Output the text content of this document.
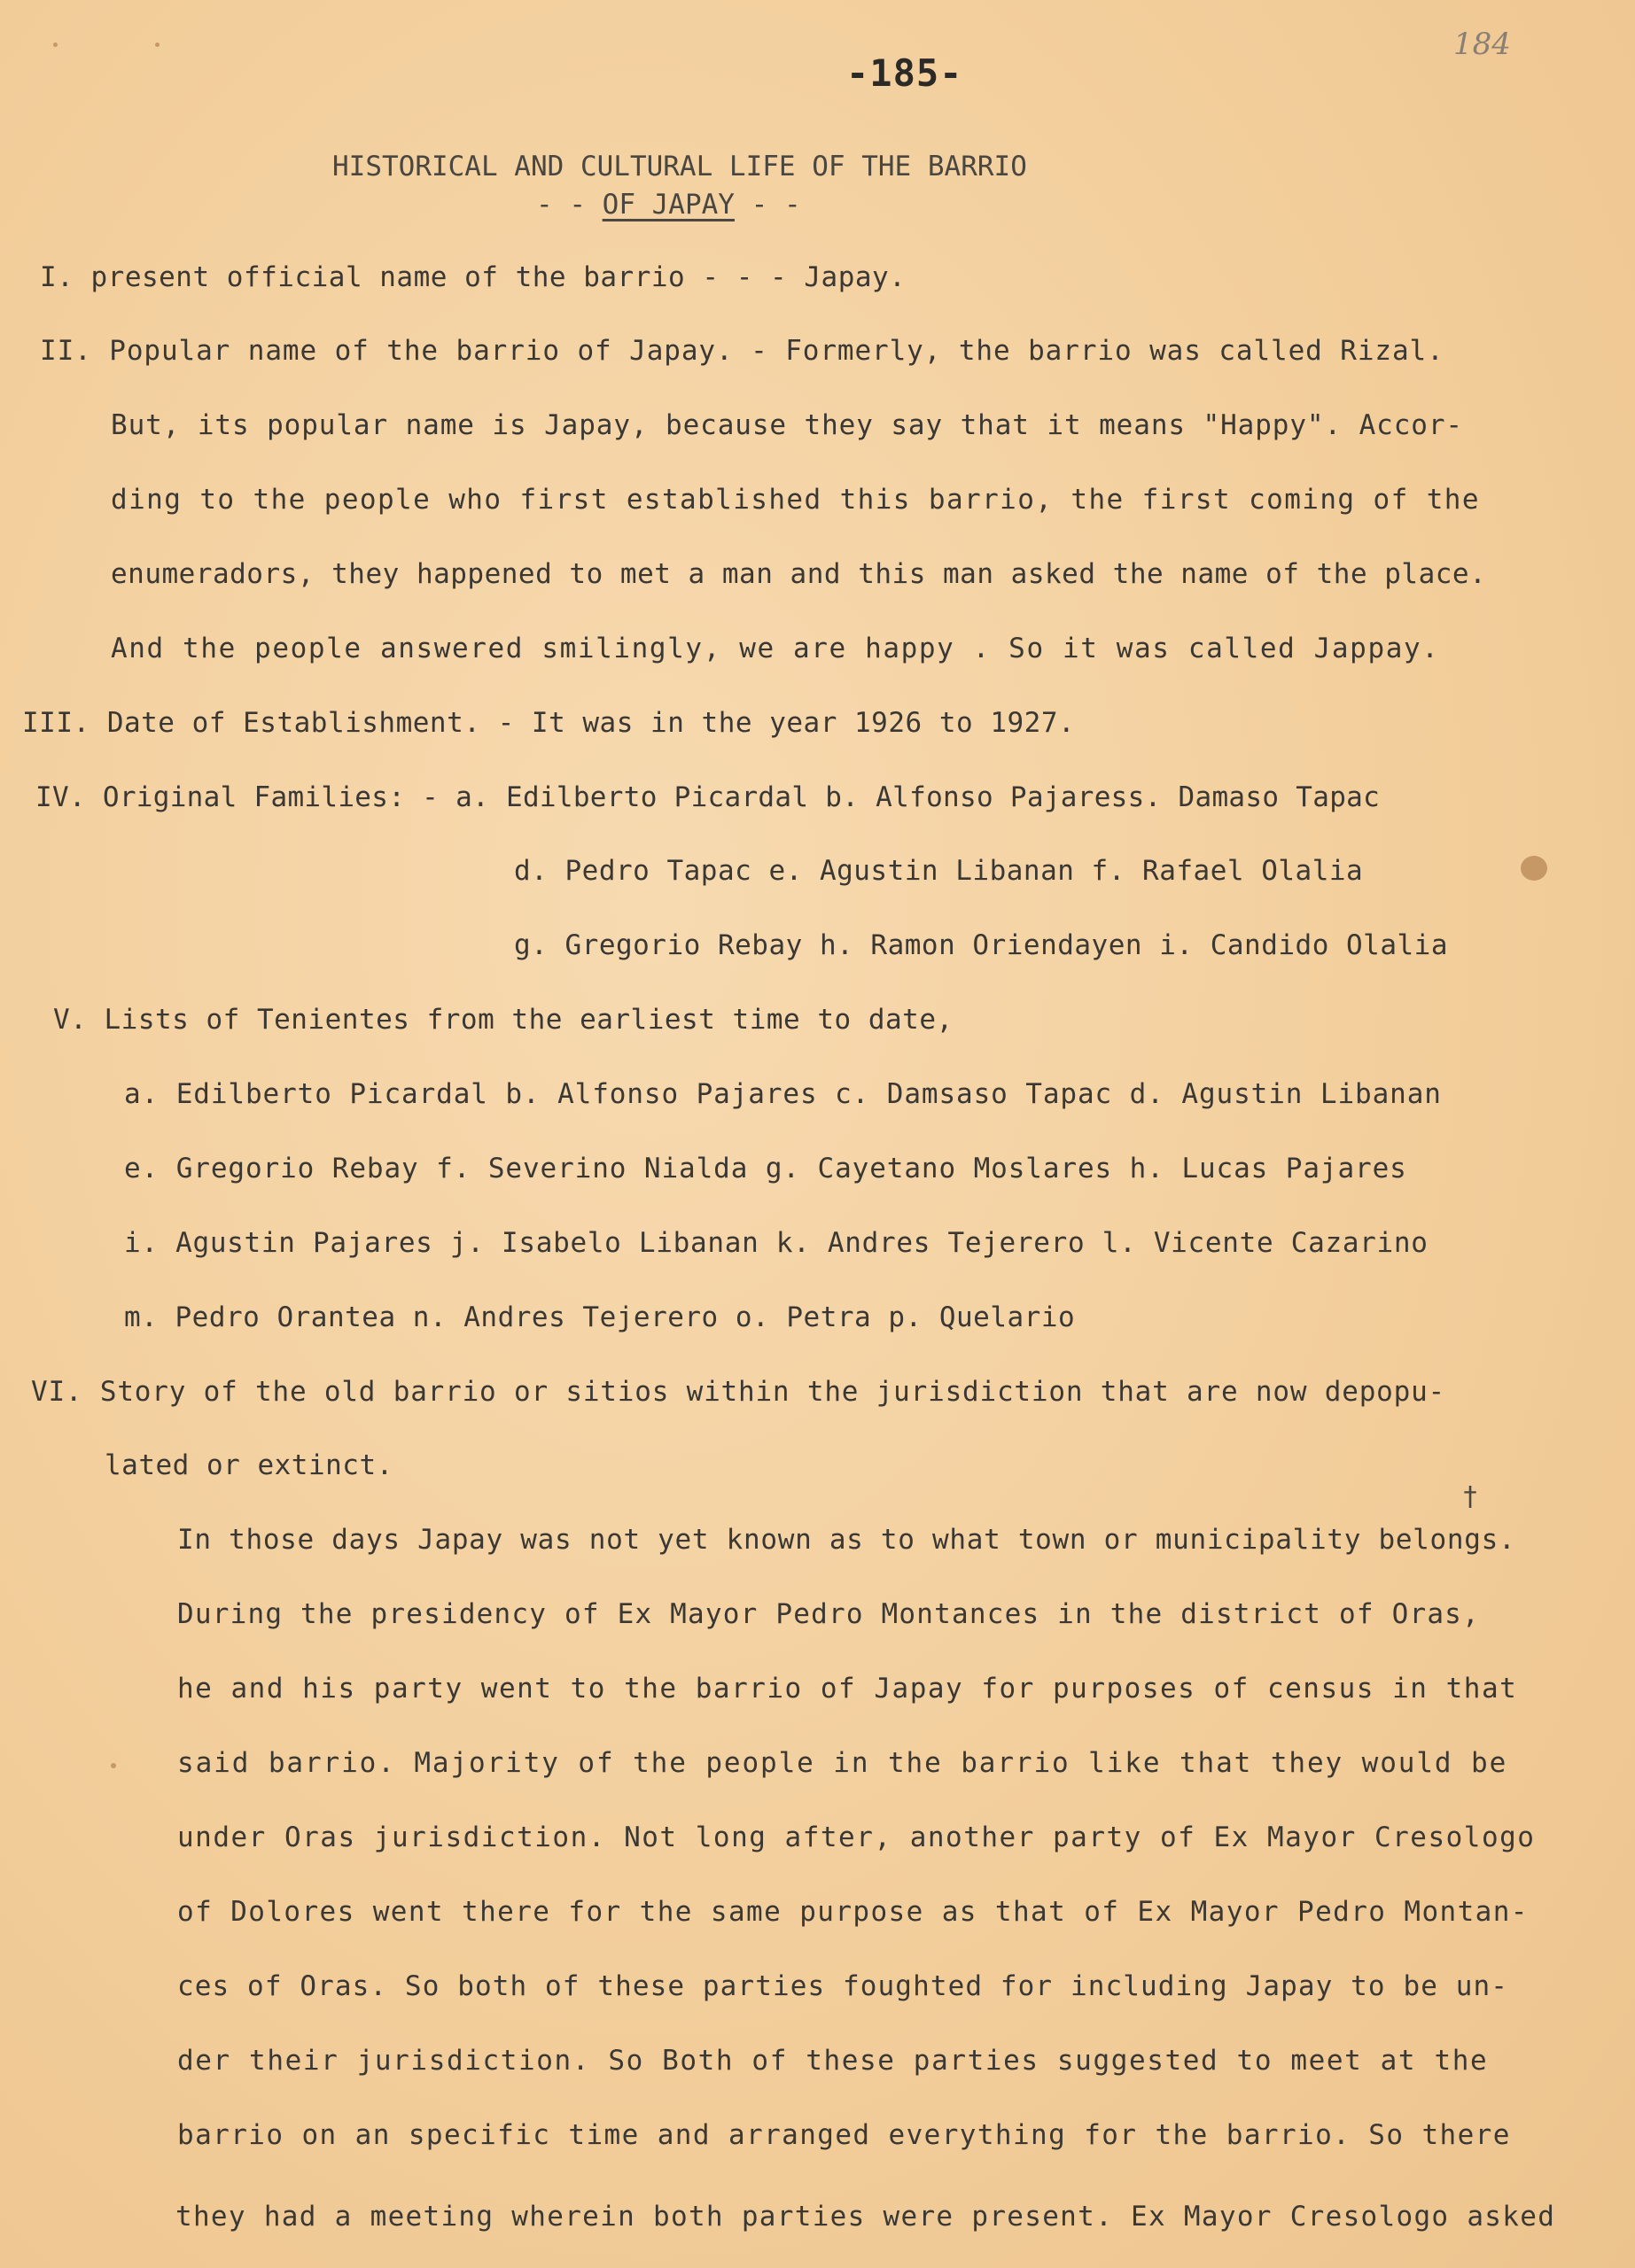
184
-185-
HISTORICAL AND CULTURAL LIFE OF THE BARRIO
- - OF JAPAY - -
I. present official name of the barrio - - - Japay.
II. Popular name of the barrio of Japay. - Formerly, the barrio was called Rizal.
But, its popular name is Japay, because they say that it means "Happy". Accor-
ding to the people who first established this barrio, the first coming of the
enumeradors, they happened to met a man and this man asked the name of the place.
And the people answered smilingly, we are happy . So it was called Jappay.
III. Date of Establishment. - It was in the year 1926 to 1927.
IV. Original Families: - a. Edilberto Picardal b. Alfonso Pajaress. Damaso Tapac
d. Pedro Tapac e. Agustin Libanan f. Rafael Olalia
g. Gregorio Rebay h. Ramon Oriendayen i. Candido Olalia
V. Lists of Tenientes from the earliest time to date,
a. Edilberto Picardal b. Alfonso Pajares c. Damsaso Tapac d. Agustin Libanan
e. Gregorio Rebay f. Severino Nialda g. Cayetano Moslares h. Lucas Pajares
i. Agustin Pajares j. Isabelo Libanan k. Andres Tejerero l. Vicente Cazarino
m. Pedro Orantea n. Andres Tejerero o. Petra p. Quelario
VI. Story of the old barrio or sitios within the jurisdiction that are now depopu-
lated or extinct.
In those days Japay was not yet known as to what town or municipality belongs.
During the presidency of Ex Mayor Pedro Montances in the district of Oras,
he and his party went to the barrio of Japay for purposes of census in that
said barrio. Majority of the people in the barrio like that they would be
under Oras jurisdiction. Not long after, another party of Ex Mayor Cresologo
of Dolores went there for the same purpose as that of Ex Mayor Pedro Montan-
ces of Oras. So both of these parties foughted for including Japay to be un-
der their jurisdiction. So Both of these parties suggested to meet at the
barrio on an specific time and arranged everything for the barrio. So there
they had a meeting wherein both parties were present. Ex Mayor Cresologo asked
†
